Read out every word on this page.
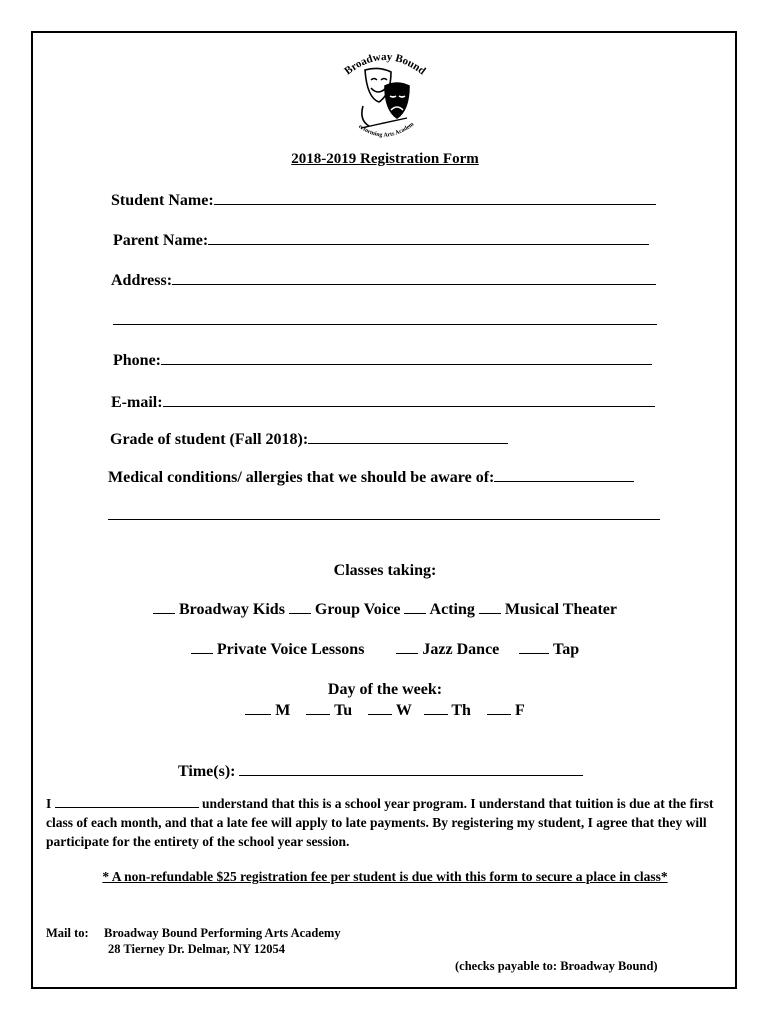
Broadway Bound
erforming Arts Academ
2018-2019 Registration Form
Student Name:
Parent Name:
Address:
Phone:
E-mail:
Grade of student (Fall 2018):
Medical conditions/ allergies that we should be aware of:
Classes taking:
Broadway Kids Group Voice Acting Musical Theater
Private Voice Lessons	Jazz Dance	Tap
Day of the week:
M	Tu	W Th	F
Time(s):
I	understand that this is a school year program. I understand that tuition is due at the first class of each month, and that a late fee will apply to late payments. By registering my student, I agree that they will participate for the entirety of the school year session.
* A non-refundable $25 registration fee per student is due with this form to secure a place in class*
Mail to: Broadway Bound Performing Arts Academy
28 Tierney Dr. Delmar, NY 12054
(checks payable to: Broadway Bound)
